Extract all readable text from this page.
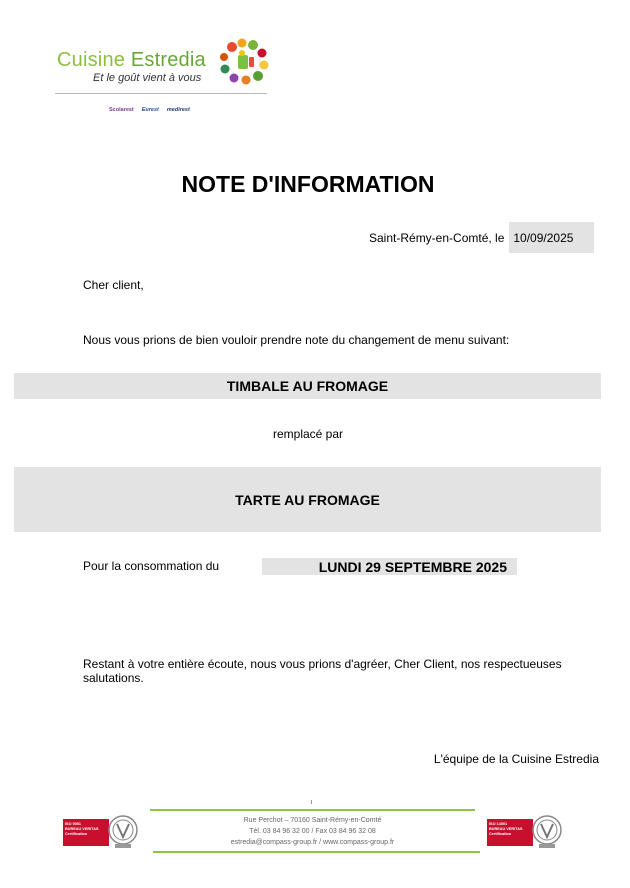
Cuisine Estredia
Et le goût vient à vous
Scolarest Eurest medirest
NOTE D'INFORMATION
Saint-Rémy-en-Comté, le 10/09/2025
Cher client,
Nous vous prions de bien vouloir prendre note du changement de menu suivant:
TIMBALE AU FROMAGE
remplacé par
TARTE AU FROMAGE
Pour la consommation du	LUNDI 29 SEPTEMBRE 2025
Restant à votre entière écoute, nous vous prions d'agréer, Cher Client, nos respectueuses salutations.
L'équipe de la Cuisine Estredia
ISO 9001
BUREAU VERITAS
Certification
Rue Perchot – 70160 Saint-Rémy-en-Comté
Tél. 03 84 96 32 00 / Fax 03 84 96 32 08
estredia@compass-group.fr / www.compass-group.fr
ISO 14001
BUREAU VERITAS
Certification
